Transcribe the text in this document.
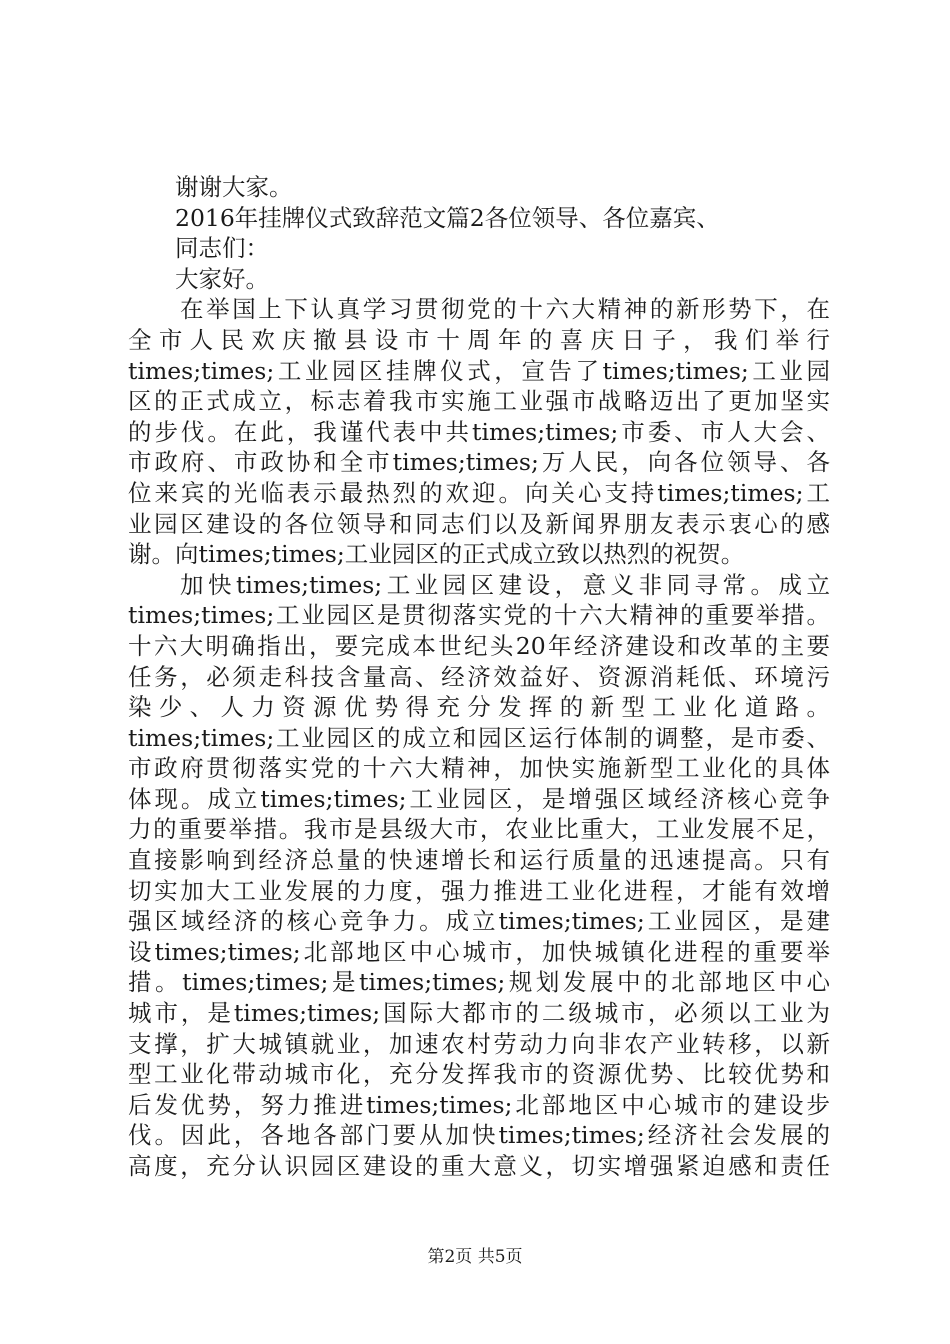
谢谢大家。
2016年挂牌仪式致辞范文篇2各位领导、各位嘉宾、
同志们：
大家好。
在举国上下认真学习贯彻党的十六大精神的新形势下，在
全市人民欢庆撤县设市十周年的喜庆日子，我们举行
times;times;工业园区挂牌仪式，宣告了times;times;工业园
区的正式成立，标志着我市实施工业强市战略迈出了更加坚实
的步伐。在此，我谨代表中共times;times;市委、市人大会、
市政府、市政协和全市times;times;万人民，向各位领导、各
位来宾的光临表示最热烈的欢迎。向关心支持times;times;工
业园区建设的各位领导和同志们以及新闻界朋友表示衷心的感
谢。向times;times;工业园区的正式成立致以热烈的祝贺。
加快times;times;工业园区建设，意义非同寻常。成立
times;times;工业园区是贯彻落实党的十六大精神的重要举措。
十六大明确指出，要完成本世纪头20年经济建设和改革的主要
任务，必须走科技含量高、经济效益好、资源消耗低、环境污
染少、人力资源优势得充分发挥的新型工业化道路。
times;times;工业园区的成立和园区运行体制的调整，是市委、
市政府贯彻落实党的十六大精神，加快实施新型工业化的具体
体现。成立times;times;工业园区，是增强区域经济核心竞争
力的重要举措。我市是县级大市，农业比重大，工业发展不足，
直接影响到经济总量的快速增长和运行质量的迅速提高。只有
切实加大工业发展的力度，强力推进工业化进程，才能有效增
强区域经济的核心竞争力。成立times;times;工业园区，是建
设times;times;北部地区中心城市，加快城镇化进程的重要举
措。times;times;是times;times;规划发展中的北部地区中心
城市，是times;times;国际大都市的二级城市，必须以工业为
支撑，扩大城镇就业，加速农村劳动力向非农产业转移，以新
型工业化带动城市化，充分发挥我市的资源优势、比较优势和
后发优势，努力推进times;times;北部地区中心城市的建设步
伐。因此，各地各部门要从加快times;times;经济社会发展的
高度，充分认识园区建设的重大意义，切实增强紧迫感和责任
第2页 共5页
